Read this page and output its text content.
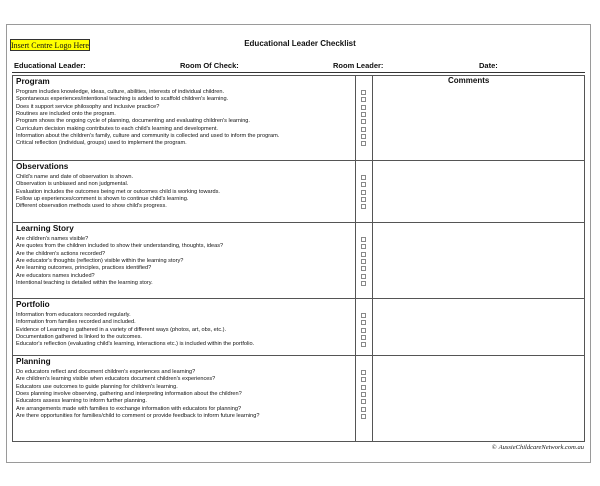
Insert Centre Logo Here	Educational Leader Checklist
Educational Leader:	Room Of Check:	Room Leader:	Date:
Program
Program includes knowledge, ideas, culture, abilities, interests of individual children.
Spontaneous experiences/intentional teaching is added to scaffold children's learning.
Does it support service philosophy and inclusive practice?
Routines are included onto the program.
Program shows the ongoing cycle of planning, documenting and evaluating children's learning.
Curriculum decision making contributes to each child's learning and development.
Information about the children's family, culture and community is collected and used to inform the program.
Critical reflection (individual, groups) used to implement the program.
Observations
Child's name and date of observation is shown.
Observation is unbiased and non judgmental.
Evaluation includes the outcomes being met or outcomes child is working towards.
Follow up experiences/comment is shown to continue child's learning.
Different observation methods used to show child's progress.
Learning Story
Are children's names visible?
Are quotes from the children included to show their understanding, thoughts, ideas?
Are the children's actions recorded?
Are educator's thoughts (reflection) visible within the learning story?
Are learning outcomes, principles, practices identified?
Are educators names included?
Intentional teaching is detailed within the learning story.
Portfolio
Information from educators recorded regularly.
Information from families recorded and included.
Evidence of Learning is gathered in a variety of different ways (photos, art, obs, etc.).
Documentation gathered is linked to the outcomes.
Educator's reflection (evaluating child's learning, interactions etc.) is included within the portfolio.
Planning
Do educators reflect and document children's experiences and learning?
Are children's learning visible when educators document children's experiences?
Educators use outcomes to guide planning for children's learning.
Does planning involve observing, gathering and interpreting information about the children?
Educators assess learning to inform further planning.
Are arrangements made with families to exchange information with educators for planning?
Are there opportunities for families/child to comment or provide feedback to inform future learning?
Comments
© AussieChildcareNetwork.com.au
